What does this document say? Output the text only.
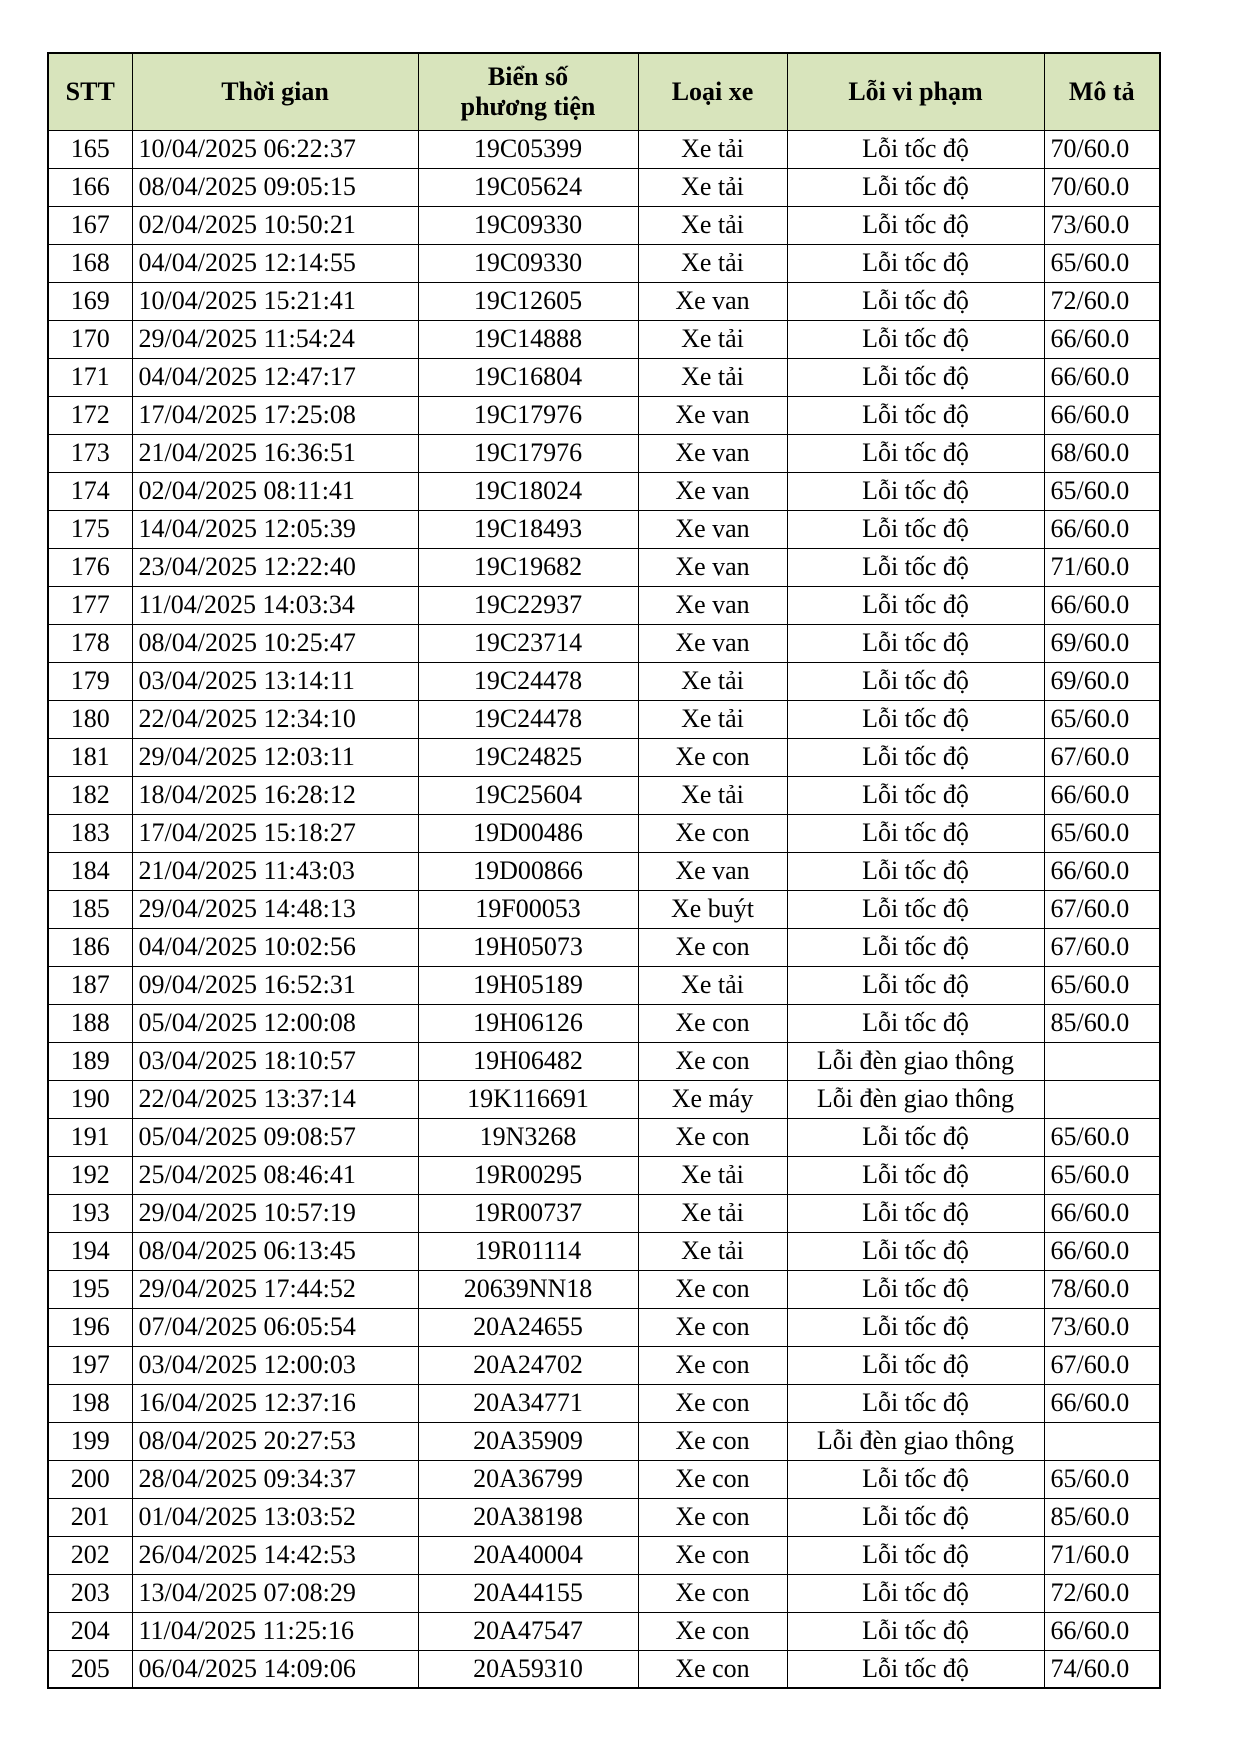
STT	Thời gian	Biển số phương tiện	Loại xe	Lỗi vi phạm	Mô tả
165	10/04/2025 06:22:37	19C05399	Xe tải	Lỗi tốc độ	70/60.0
166	08/04/2025 09:05:15	19C05624	Xe tải	Lỗi tốc độ	70/60.0
167	02/04/2025 10:50:21	19C09330	Xe tải	Lỗi tốc độ	73/60.0
168	04/04/2025 12:14:55	19C09330	Xe tải	Lỗi tốc độ	65/60.0
169	10/04/2025 15:21:41	19C12605	Xe van	Lỗi tốc độ	72/60.0
170	29/04/2025 11:54:24	19C14888	Xe tải	Lỗi tốc độ	66/60.0
171	04/04/2025 12:47:17	19C16804	Xe tải	Lỗi tốc độ	66/60.0
172	17/04/2025 17:25:08	19C17976	Xe van	Lỗi tốc độ	66/60.0
173	21/04/2025 16:36:51	19C17976	Xe van	Lỗi tốc độ	68/60.0
174	02/04/2025 08:11:41	19C18024	Xe van	Lỗi tốc độ	65/60.0
175	14/04/2025 12:05:39	19C18493	Xe van	Lỗi tốc độ	66/60.0
176	23/04/2025 12:22:40	19C19682	Xe van	Lỗi tốc độ	71/60.0
177	11/04/2025 14:03:34	19C22937	Xe van	Lỗi tốc độ	66/60.0
178	08/04/2025 10:25:47	19C23714	Xe van	Lỗi tốc độ	69/60.0
179	03/04/2025 13:14:11	19C24478	Xe tải	Lỗi tốc độ	69/60.0
180	22/04/2025 12:34:10	19C24478	Xe tải	Lỗi tốc độ	65/60.0
181	29/04/2025 12:03:11	19C24825	Xe con	Lỗi tốc độ	67/60.0
182	18/04/2025 16:28:12	19C25604	Xe tải	Lỗi tốc độ	66/60.0
183	17/04/2025 15:18:27	19D00486	Xe con	Lỗi tốc độ	65/60.0
184	21/04/2025 11:43:03	19D00866	Xe van	Lỗi tốc độ	66/60.0
185	29/04/2025 14:48:13	19F00053	Xe buýt	Lỗi tốc độ	67/60.0
186	04/04/2025 10:02:56	19H05073	Xe con	Lỗi tốc độ	67/60.0
187	09/04/2025 16:52:31	19H05189	Xe tải	Lỗi tốc độ	65/60.0
188	05/04/2025 12:00:08	19H06126	Xe con	Lỗi tốc độ	85/60.0
189	03/04/2025 18:10:57	19H06482	Xe con	Lỗi đèn giao thông	
190	22/04/2025 13:37:14	19K116691	Xe máy	Lỗi đèn giao thông	
191	05/04/2025 09:08:57	19N3268	Xe con	Lỗi tốc độ	65/60.0
192	25/04/2025 08:46:41	19R00295	Xe tải	Lỗi tốc độ	65/60.0
193	29/04/2025 10:57:19	19R00737	Xe tải	Lỗi tốc độ	66/60.0
194	08/04/2025 06:13:45	19R01114	Xe tải	Lỗi tốc độ	66/60.0
195	29/04/2025 17:44:52	20639NN18	Xe con	Lỗi tốc độ	78/60.0
196	07/04/2025 06:05:54	20A24655	Xe con	Lỗi tốc độ	73/60.0
197	03/04/2025 12:00:03	20A24702	Xe con	Lỗi tốc độ	67/60.0
198	16/04/2025 12:37:16	20A34771	Xe con	Lỗi tốc độ	66/60.0
199	08/04/2025 20:27:53	20A35909	Xe con	Lỗi đèn giao thông	
200	28/04/2025 09:34:37	20A36799	Xe con	Lỗi tốc độ	65/60.0
201	01/04/2025 13:03:52	20A38198	Xe con	Lỗi tốc độ	85/60.0
202	26/04/2025 14:42:53	20A40004	Xe con	Lỗi tốc độ	71/60.0
203	13/04/2025 07:08:29	20A44155	Xe con	Lỗi tốc độ	72/60.0
204	11/04/2025 11:25:16	20A47547	Xe con	Lỗi tốc độ	66/60.0
205	06/04/2025 14:09:06	20A59310	Xe con	Lỗi tốc độ	74/60.0
